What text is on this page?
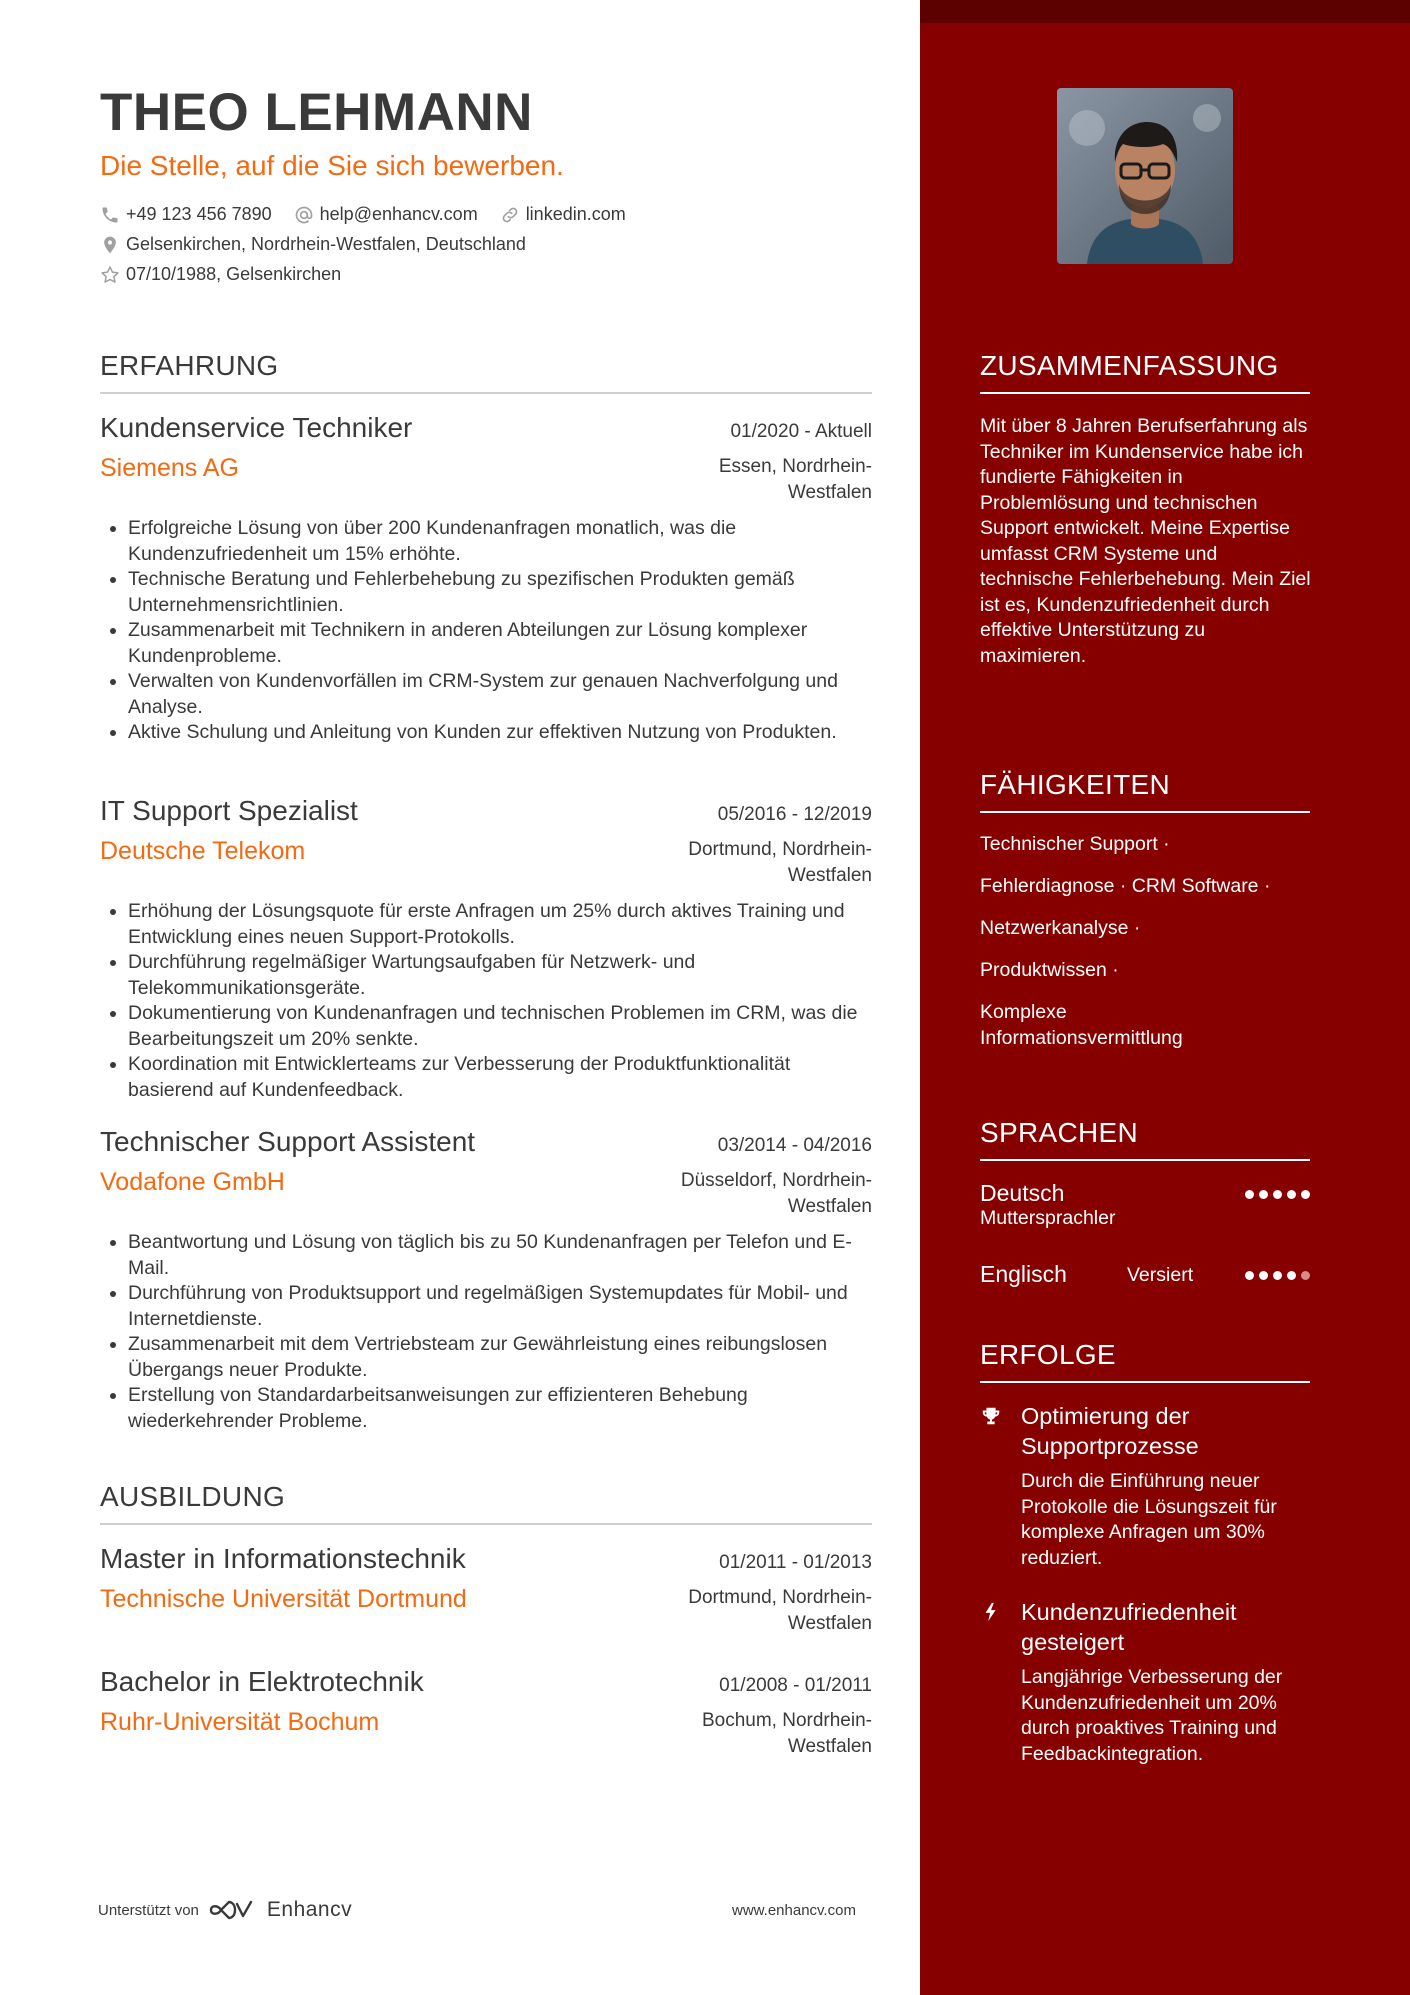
THEO LEHMANN
Die Stelle, auf die Sie sich bewerben.
+49 123 456 7890	help@enhancv.com	linkedin.com
Gelsenkirchen, Nordrhein-Westfalen, Deutschland
07/10/1988, Gelsenkirchen
ERFAHRUNG
Kundenservice Techniker	01/2020 - Aktuell
Siemens AG	Essen, Nordrhein-Westfalen
• Erfolgreiche Lösung von über 200 Kundenanfragen monatlich, was die Kundenzufriedenheit um 15% erhöhte.
• Technische Beratung und Fehlerbehebung zu spezifischen Produkten gemäß Unternehmensrichtlinien.
• Zusammenarbeit mit Technikern in anderen Abteilungen zur Lösung komplexer Kundenprobleme.
• Verwalten von Kundenvorfällen im CRM-System zur genauen Nachverfolgung und Analyse.
• Aktive Schulung und Anleitung von Kunden zur effektiven Nutzung von Produkten.
IT Support Spezialist	05/2016 - 12/2019
Deutsche Telekom	Dortmund, Nordrhein-Westfalen
• Erhöhung der Lösungsquote für erste Anfragen um 25% durch aktives Training und Entwicklung eines neuen Support-Protokolls.
• Durchführung regelmäßiger Wartungsaufgaben für Netzwerk- und Telekommunikationsgeräte.
• Dokumentierung von Kundenanfragen und technischen Problemen im CRM, was die Bearbeitungszeit um 20% senkte.
• Koordination mit Entwicklerteams zur Verbesserung der Produktfunktionalität basierend auf Kundenfeedback.
Technischer Support Assistent	03/2014 - 04/2016
Vodafone GmbH	Düsseldorf, Nordrhein-Westfalen
• Beantwortung und Lösung von täglich bis zu 50 Kundenanfragen per Telefon und E-Mail.
• Durchführung von Produktsupport und regelmäßigen Systemupdates für Mobil- und Internetdienste.
• Zusammenarbeit mit dem Vertriebsteam zur Gewährleistung eines reibungslosen Übergangs neuer Produkte.
• Erstellung von Standardarbeitsanweisungen zur effizienteren Behebung wiederkehrender Probleme.
AUSBILDUNG
Master in Informationstechnik	01/2011 - 01/2013
Technische Universität Dortmund	Dortmund, Nordrhein-Westfalen
Bachelor in Elektrotechnik	01/2008 - 01/2011
Ruhr-Universität Bochum	Bochum, Nordrhein-Westfalen
Unterstützt von	Enhancv	www.enhancv.com
ZUSAMMENFASSUNG

Mit über 8 Jahren Berufserfahrung als Techniker im Kundenservice habe ich fundierte Fähigkeiten in Problemlösung und technischen Support entwickelt. Meine Expertise umfasst CRM Systeme und technische Fehlerbehebung. Mein Ziel ist es, Kundenzufriedenheit durch effektive Unterstützung zu maximieren.

FÄHIGKEITEN
Technischer Support ·
Fehlerdiagnose · CRM Software ·
Netzwerkanalyse ·
Produktwissen ·
Komplexe Informationsvermittlung
SPRACHEN
Deutsch
Muttersprachler
Englisch	Versiert
ERFOLGE
Optimierung der Supportprozesse
Durch die Einführung neuer Protokolle die Lösungszeit für komplexe Anfragen um 30% reduziert.
Kundenzufriedenheit gesteigert
Langjährige Verbesserung der Kundenzufriedenheit um 20% durch proaktives Training und Feedbackintegration.
